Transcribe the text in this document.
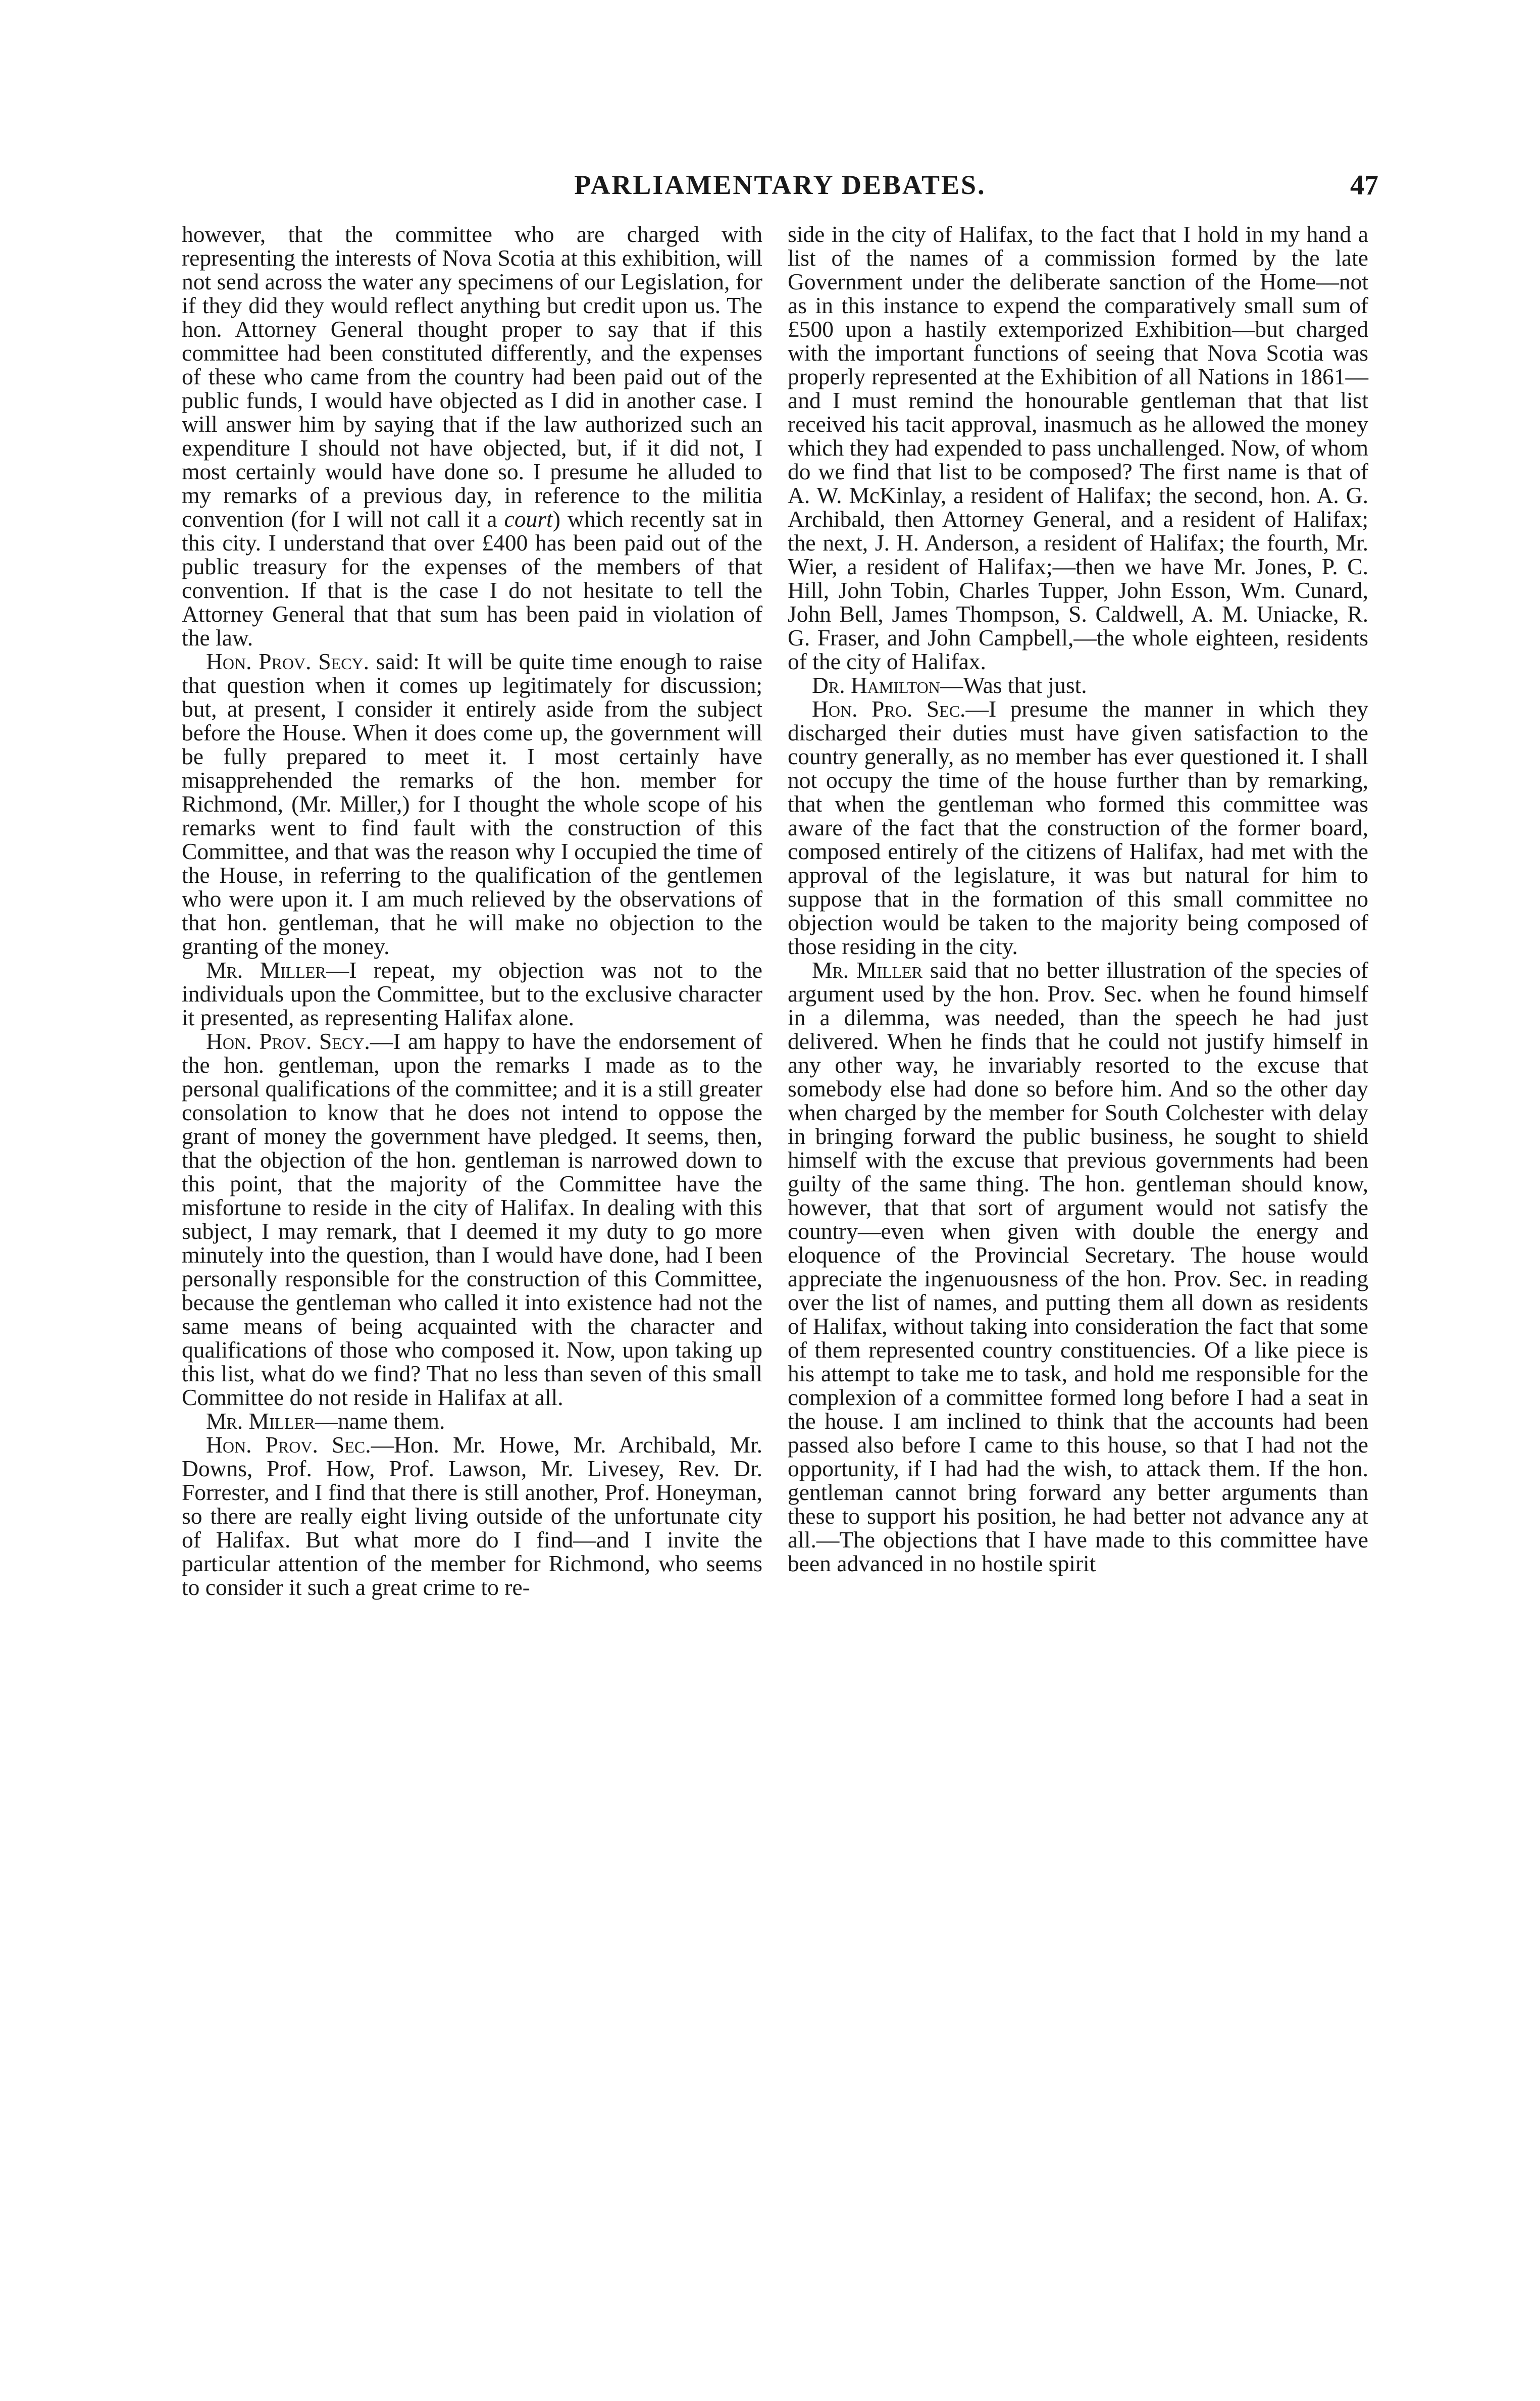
PARLIAMENTARY DEBATES.	47

however, that the committee who are charged with representing the interests of Nova Scotia at this exhibition, will not send across the water any specimens of our Legislation, for if they did they would reflect anything but credit upon us. The hon. Attorney General thought proper to say that if this committee had been constituted differently, and the expenses of these who came from the country had been paid out of the public funds, I would have objected as I did in another case. I will answer him by saying that if the law authorized such an expenditure I should not have objected, but, if it did not, I most certainly would have done so. I presume he alluded to my remarks of a previous day, in reference to the militia convention (for I will not call it a court) which recently sat in this city. I understand that over £400 has been paid out of the public treasury for the expenses of the members of that convention. If that is the case I do not hesitate to tell the Attorney General that that sum has been paid in violation of the law.

Hon. Prov. Secy. said: It will be quite time enough to raise that question when it comes up legitimately for discussion; but, at present, I consider it entirely aside from the subject before the House. When it does come up, the government will be fully prepared to meet it. I most certainly have misapprehended the remarks of the hon. member for Richmond, (Mr. Miller,) for I thought the whole scope of his remarks went to find fault with the construction of this Committee, and that was the reason why I occupied the time of the House, in referring to the qualification of the gentlemen who were upon it. I am much relieved by the observations of that hon. gentleman, that he will make no objection to the granting of the money.

Mr. Miller—I repeat, my objection was not to the individuals upon the Committee, but to the exclusive character it presented, as representing Halifax alone.

Hon. Prov. Secy.—I am happy to have the endorsement of the hon. gentleman, upon the remarks I made as to the personal qualifications of the committee; and it is a still greater consolation to know that he does not intend to oppose the grant of money the government have pledged. It seems, then, that the objection of the hon. gentleman is narrowed down to this point, that the majority of the Committee have the misfortune to reside in the city of Halifax. In dealing with this subject, I may remark, that I deemed it my duty to go more minutely into the question, than I would have done, had I been personally responsible for the construction of this Committee, because the gentleman who called it into existence had not the same means of being acquainted with the character and qualifications of those who composed it. Now, upon taking up this list, what do we find? That no less than seven of this small Committee do not reside in Halifax at all.

Mr. Miller—name them.

Hon. Prov. Sec.—Hon. Mr. Howe, Mr. Archibald, Mr. Downs, Prof. How, Prof. Lawson, Mr. Livesey, Rev. Dr. Forrester, and I find that there is still another, Prof. Honeyman, so there are really eight living outside of the unfortunate city of Halifax. But what more do I find—and I invite the particular attention of the member for Richmond, who seems to consider it such a great crime to re-

side in the city of Halifax, to the fact that I hold in my hand a list of the names of a commission formed by the late Government under the deliberate sanction of the Home—not as in this instance to expend the comparatively small sum of £500 upon a hastily extemporized Exhibition—but charged with the important functions of seeing that Nova Scotia was properly represented at the Exhibition of all Nations in 1861—and I must remind the honourable gentleman that that list received his tacit approval, inasmuch as he allowed the money which they had expended to pass unchallenged. Now, of whom do we find that list to be composed? The first name is that of A. W. McKinlay, a resident of Halifax; the second, hon. A. G. Archibald, then Attorney General, and a resident of Halifax; the next, J. H. Anderson, a resident of Halifax; the fourth, Mr. Wier, a resident of Halifax;—then we have Mr. Jones, P. C. Hill, John Tobin, Charles Tupper, John Esson, Wm. Cunard, John Bell, James Thompson, S. Caldwell, A. M. Uniacke, R. G. Fraser, and John Campbell,—the whole eighteen, residents of the city of Halifax.

Dr. Hamilton—Was that just.

Hon. Pro. Sec.—I presume the manner in which they discharged their duties must have given satisfaction to the country generally, as no member has ever questioned it. I shall not occupy the time of the house further than by remarking, that when the gentleman who formed this committee was aware of the fact that the construction of the former board, composed entirely of the citizens of Halifax, had met with the approval of the legislature, it was but natural for him to suppose that in the formation of this small committee no objection would be taken to the majority being composed of those residing in the city.

Mr. Miller said that no better illustration of the species of argument used by the hon. Prov. Sec. when he found himself in a dilemma, was needed, than the speech he had just delivered. When he finds that he could not justify himself in any other way, he invariably resorted to the excuse that somebody else had done so before him. And so the other day when charged by the member for South Colchester with delay in bringing forward the public business, he sought to shield himself with the excuse that previous governments had been guilty of the same thing. The hon. gentleman should know, however, that that sort of argument would not satisfy the country—even when given with double the energy and eloquence of the Provincial Secretary. The house would appreciate the ingenuousness of the hon. Prov. Sec. in reading over the list of names, and putting them all down as residents of Halifax, without taking into consideration the fact that some of them represented country constituencies. Of a like piece is his attempt to take me to task, and hold me responsible for the complexion of a committee formed long before I had a seat in the house. I am inclined to think that the accounts had been passed also before I came to this house, so that I had not the opportunity, if I had had the wish, to attack them. If the hon. gentleman cannot bring forward any better arguments than these to support his position, he had better not advance any at all.—The objections that I have made to this committee have been advanced in no hostile spirit
